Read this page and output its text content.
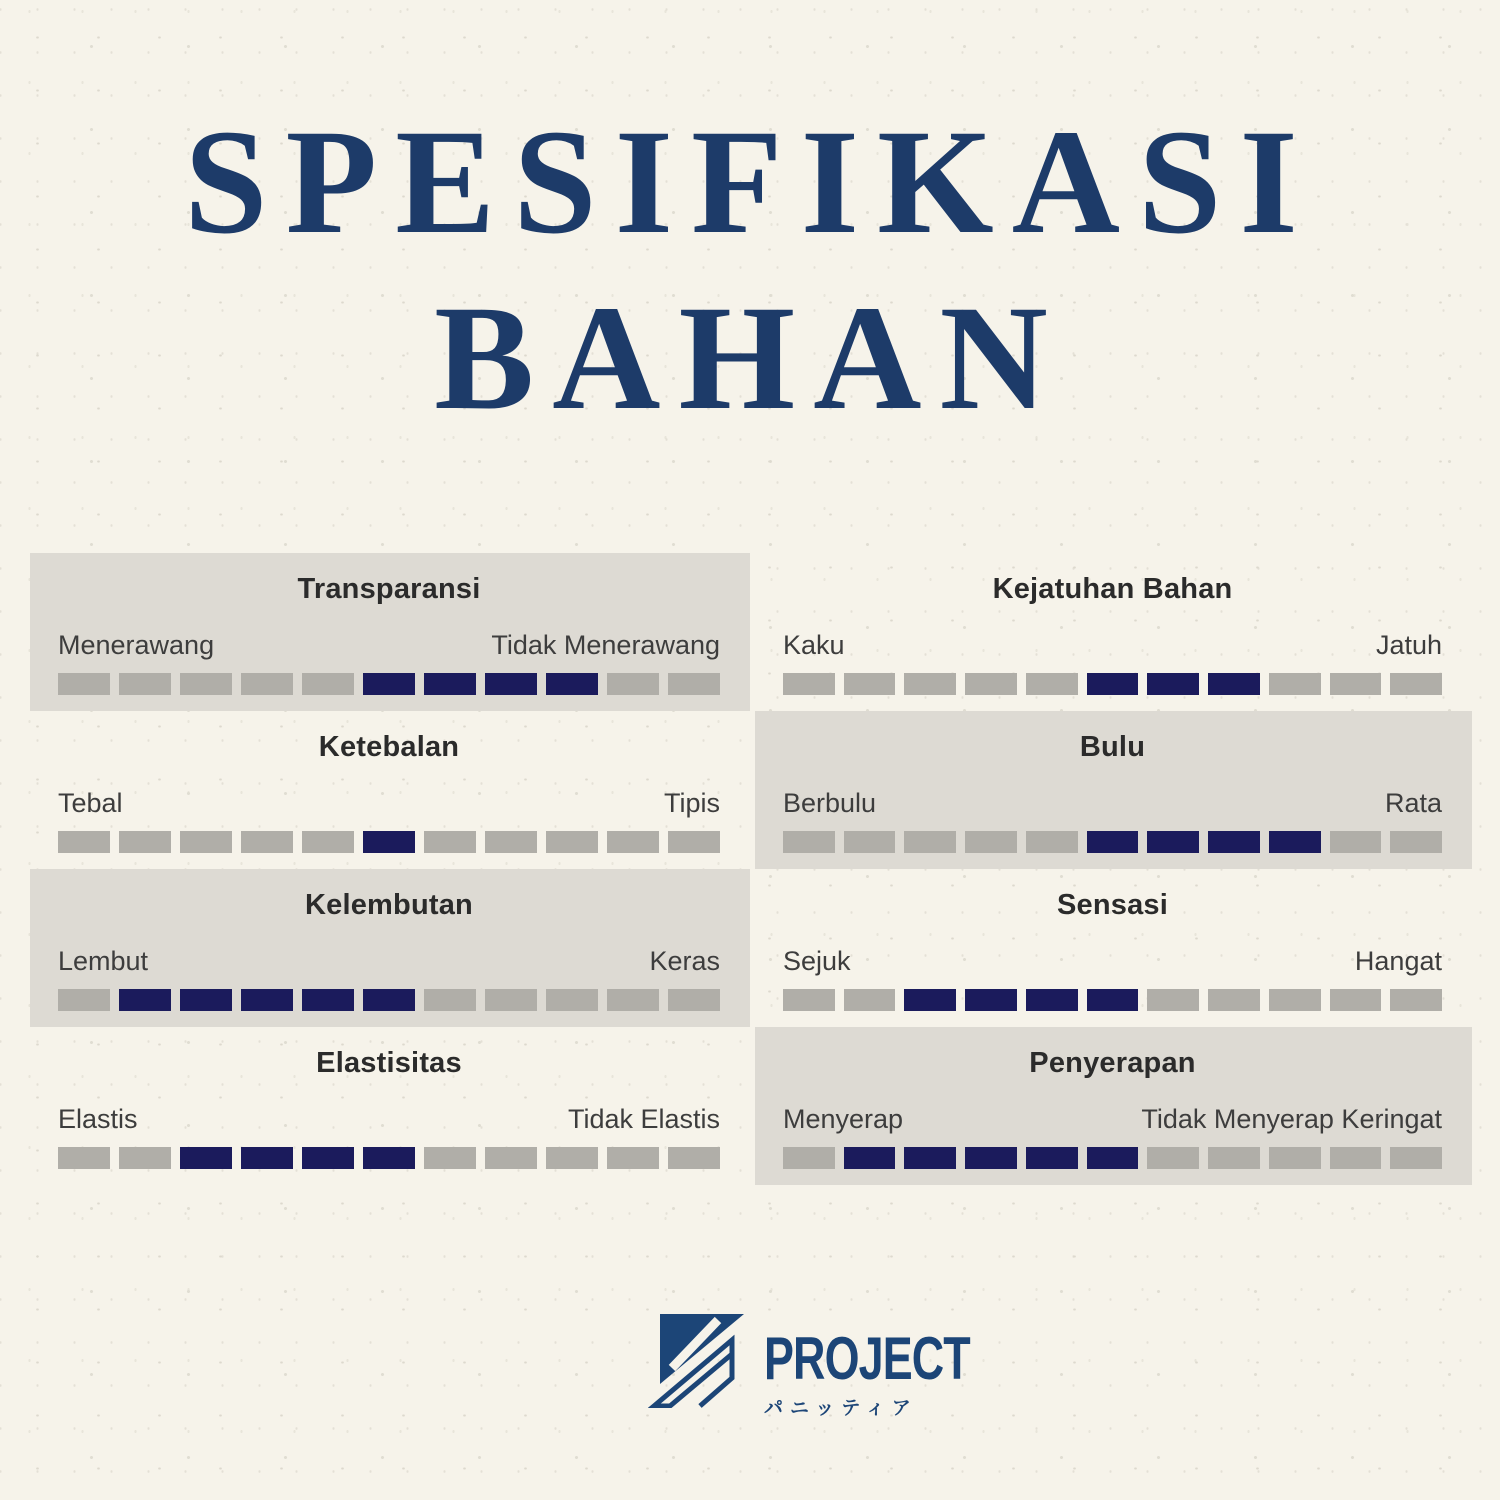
SPESIFIKASI
BAHAN
Transparansi
Menerawang	Tidak Menerawang
Ketebalan
Tebal	Tipis
Kelembutan
Lembut	Keras
Elastisitas
Elastis	Tidak Elastis
Kejatuhan Bahan
Kaku	Jatuh
Bulu
Berbulu	Rata
Sensasi
Sejuk	Hangat
Penyerapan
Menyerap	Tidak Menyerap Keringat
PROJECT
パニッティア
